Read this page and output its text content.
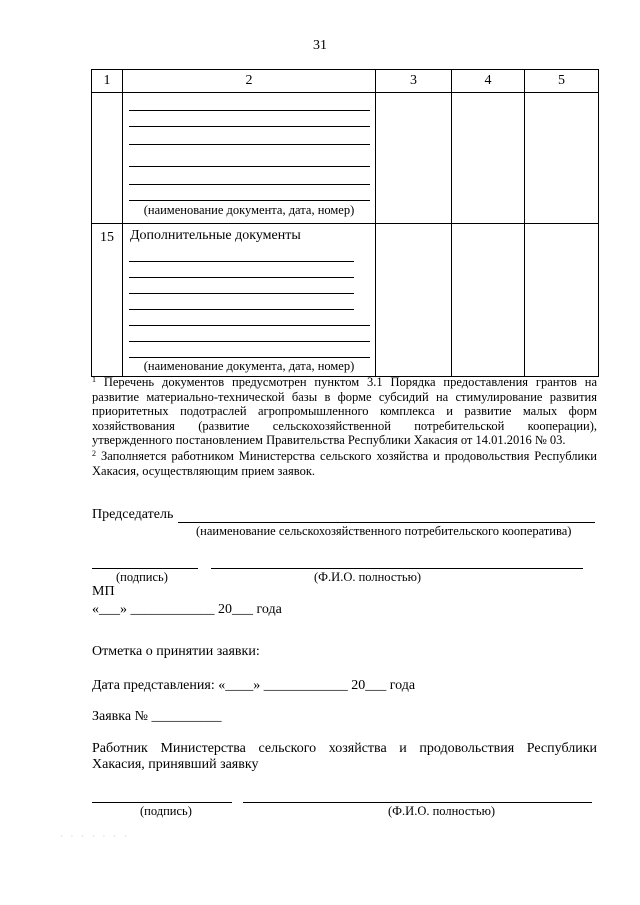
31
1	2	3	4	5

	(наименование документа, дата, номер)			

15	Дополнительные документы
(наименование документа, дата, номер)			

$^1$ Перечень документов предусмотрен пунктом 3.1 Порядка предоставления грантов на развитие материально-технической базы в форме субсидий на стимулирование развития приоритетных подотраслей агропромышленного комплекса и развитие малых форм хозяйствования (развитие сельскохозяйственной потребительской кооперации), утвержденного постановлением Правительства Республики Хакасия от 14.01.2016 № 03.
$^2$ Заполняется работником Министерства сельского хозяйства и продовольствия Республики Хакасия, осуществляющим прием заявок.
Председатель
(наименование сельскохозяйственного потребительского кооператива)
(подпись)	(Ф.И.О. полностью)
МП
«___» ____________ 20___ года
Отметка о принятии заявки:
Дата представления: «____» ____________ 20___ года
Заявка № __________
Работник Министерства сельского хозяйства и продовольствия Республики Хакасия, принявший заявку
(подпись)	(Ф.И.О. полностью)
· · · · · · ·
